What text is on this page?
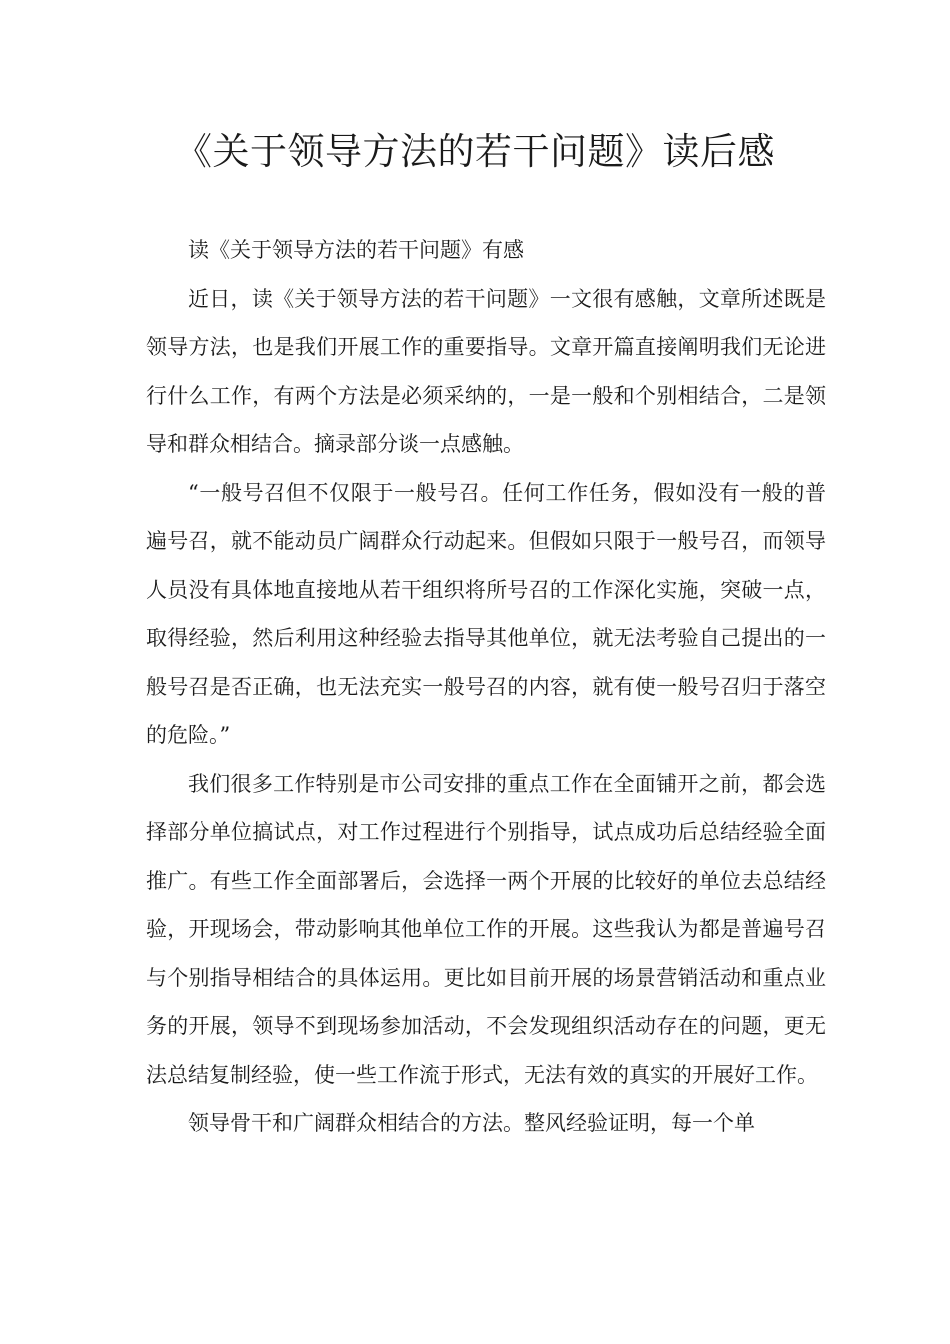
《关于领导方法的若干问题》读后感

读《关于领导方法的若干问题》有感

近日，读《关于领导方法的若干问题》一文很有感触，文章所述既是领导方法，也是我们开展工作的重要指导。文章开篇直接阐明我们无论进行什么工作，有两个方法是必须采纳的，一是一般和个别相结合，二是领导和群众相结合。摘录部分谈一点感触。

“一般号召但不仅限于一般号召。任何工作任务，假如没有一般的普遍号召，就不能动员广阔群众行动起来。但假如只限于一般号召，而领导人员没有具体地直接地从若干组织将所号召的工作深化实施，突破一点，取得经验，然后利用这种经验去指导其他单位，就无法考验自己提出的一般号召是否正确，也无法充实一般号召的内容，就有使一般号召归于落空的危险。”

我们很多工作特别是市公司安排的重点工作在全面铺开之前，都会选择部分单位搞试点，对工作过程进行个别指导，试点成功后总结经验全面推广。有些工作全面部署后，会选择一两个开展的比较好的单位去总结经验，开现场会，带动影响其他单位工作的开展。这些我认为都是普遍号召与个别指导相结合的具体运用。更比如目前开展的场景营销活动和重点业务的开展，领导不到现场参加活动，不会发现组织活动存在的问题，更无法总结复制经验，使一些工作流于形式，无法有效的真实的开展好工作。

领导骨干和广阔群众相结合的方法。整风经验证明，每一个单
